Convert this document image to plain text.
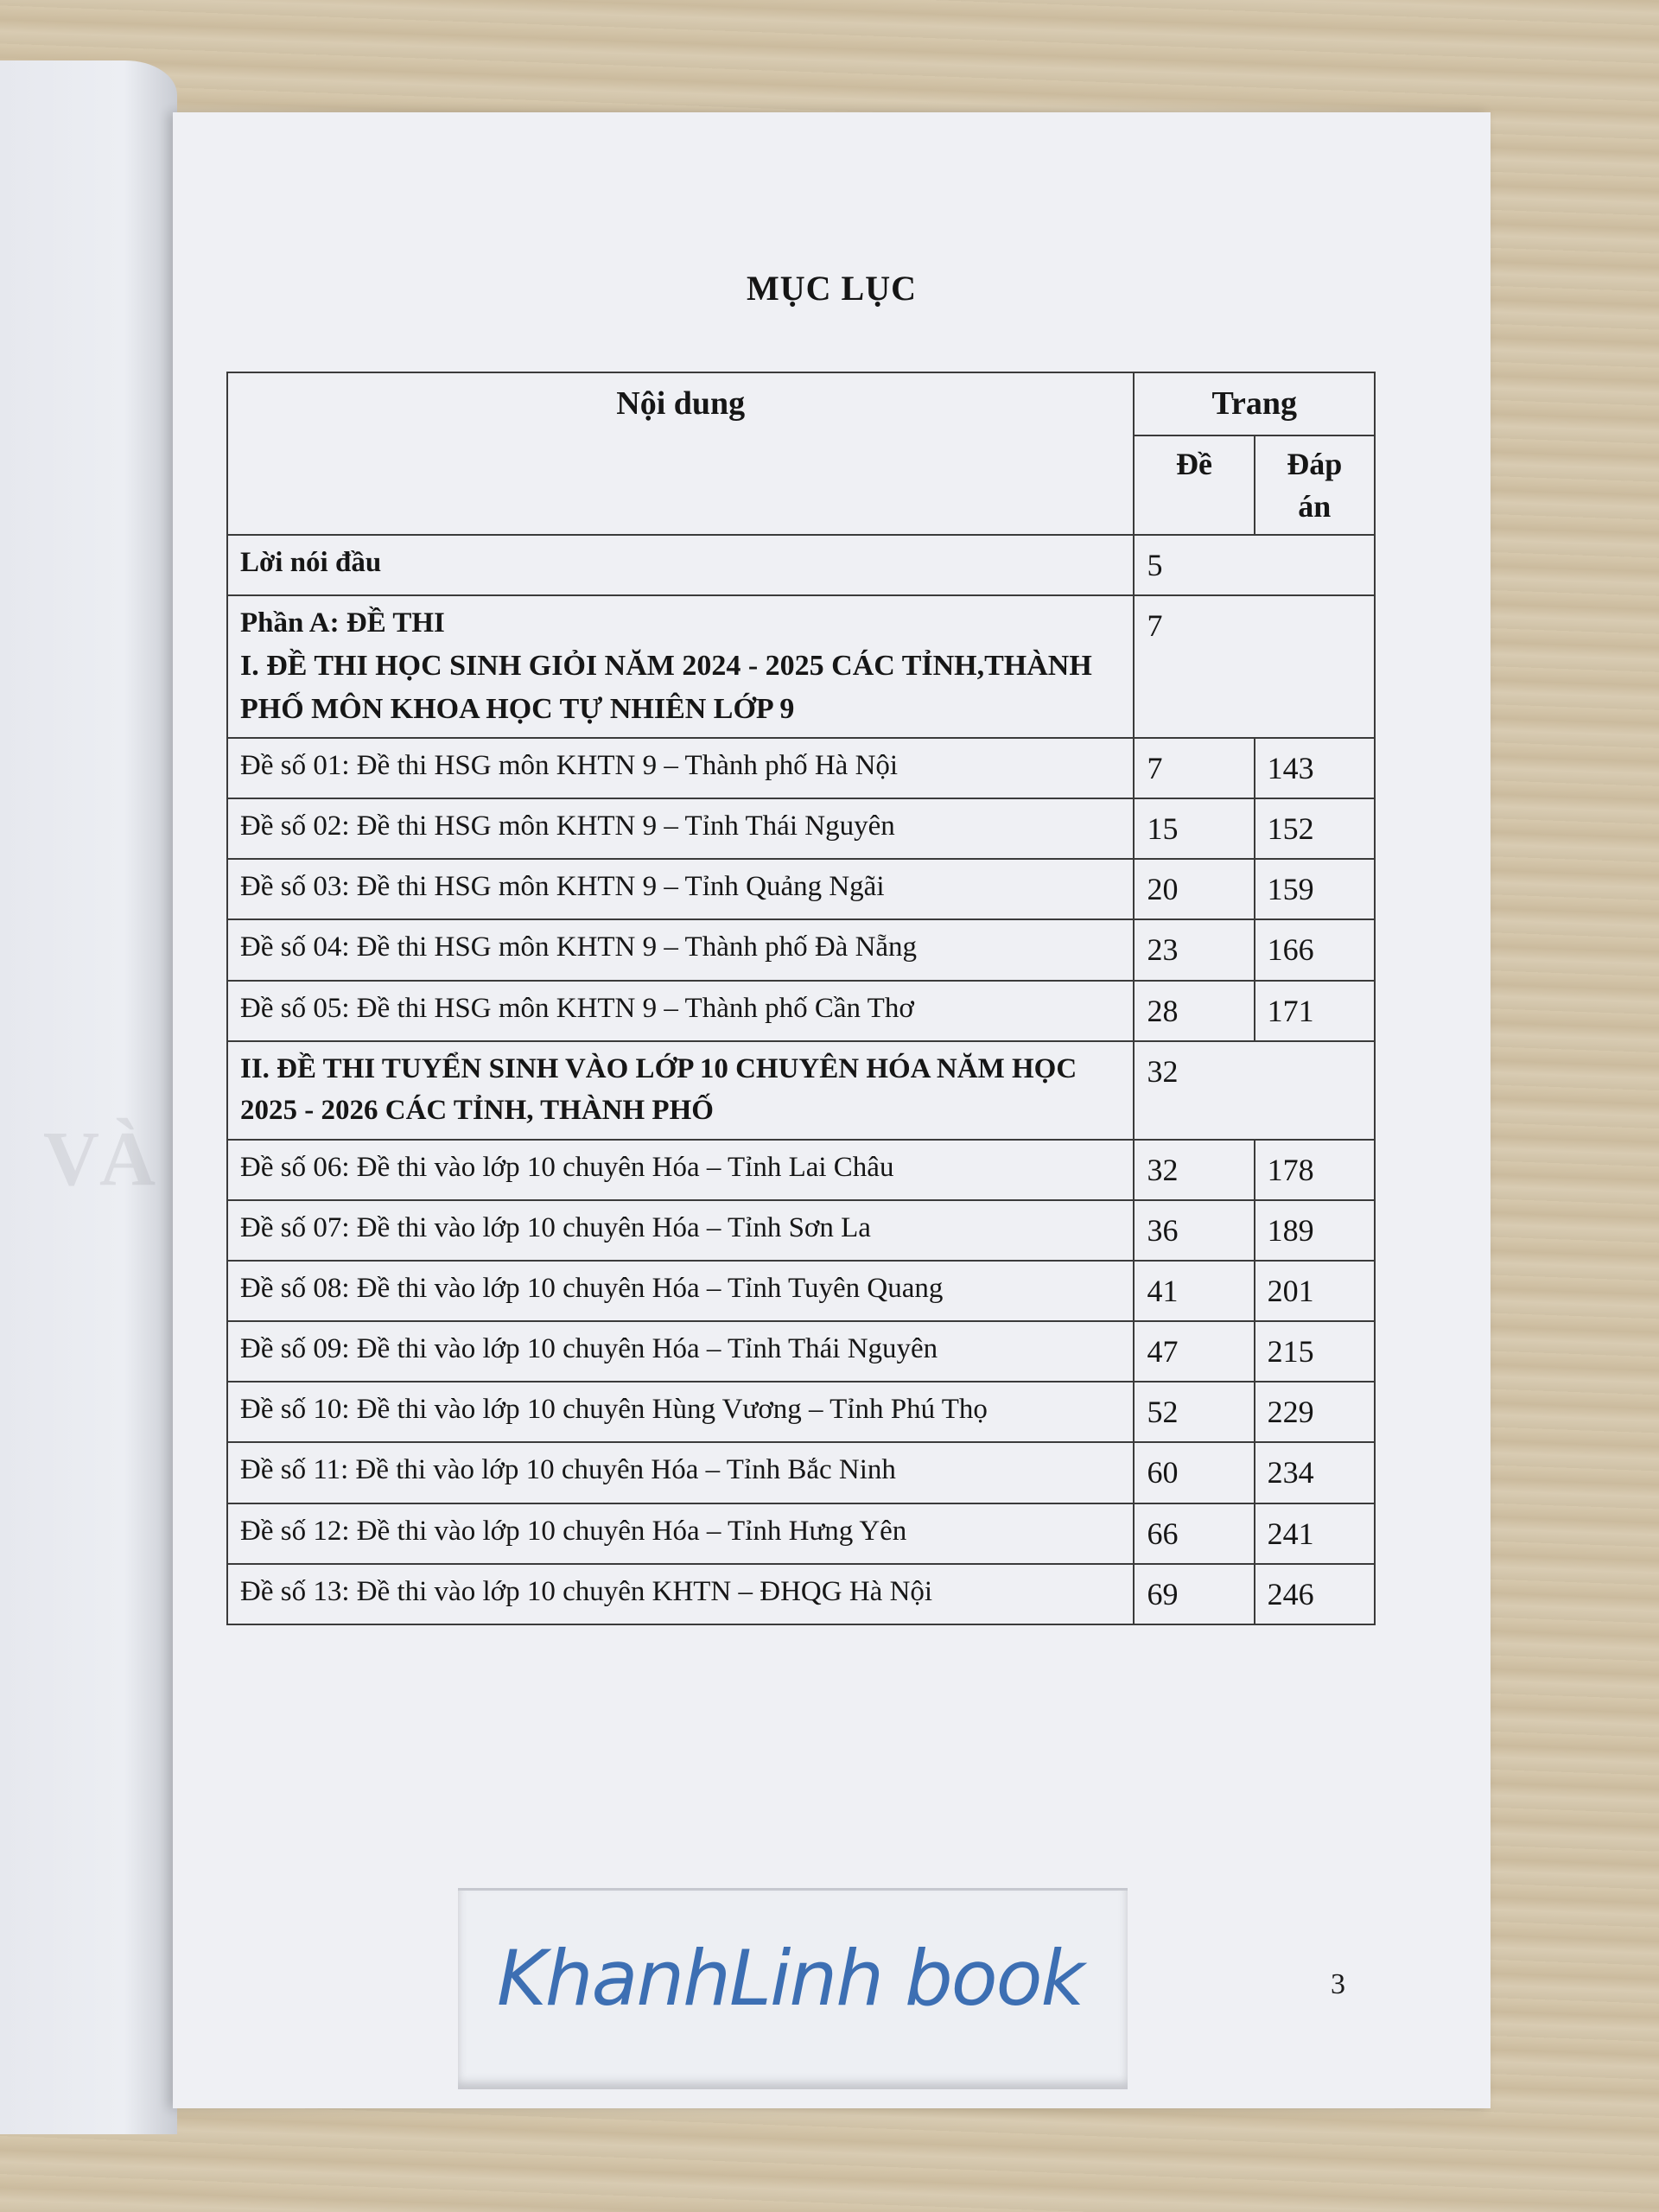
VÀ
MỤC LỤC
Nội dung	Trang	
	Đề	Đáp án
Lời nói đầu	5	

Phần A: ĐỀ THI
I. ĐỀ THI HỌC SINH GIỎI NĂM 2024 - 2025 CÁC TỈNH,THÀNH PHỐ MÔN KHOA HỌC TỰ NHIÊN LỚP 9	7	
Đề số 01: Đề thi HSG môn KHTN 9 – Thành phố Hà Nội	7	143
Đề số 02: Đề thi HSG môn KHTN 9 – Tỉnh Thái Nguyên	15	152
Đề số 03: Đề thi HSG môn KHTN 9 – Tỉnh Quảng Ngãi	20	159
Đề số 04: Đề thi HSG môn KHTN 9 – Thành phố Đà Nẵng	23	166
Đề số 05: Đề thi HSG môn KHTN 9 – Thành phố Cần Thơ	28	171
II. ĐỀ THI TUYỂN SINH VÀO LỚP 10 CHUYÊN HÓA NĂM HỌC 2025 - 2026 CÁC TỈNH, THÀNH PHỐ	32	
Đề số 06: Đề thi vào lớp 10 chuyên Hóa – Tỉnh Lai Châu	32	178
Đề số 07: Đề thi vào lớp 10 chuyên Hóa – Tỉnh Sơn La	36	189
Đề số 08: Đề thi vào lớp 10 chuyên Hóa – Tỉnh Tuyên Quang	41	201
Đề số 09: Đề thi vào lớp 10 chuyên Hóa – Tỉnh Thái Nguyên	47	215
Đề số 10: Đề thi vào lớp 10 chuyên Hùng Vương – Tỉnh Phú Thọ	52	229
Đề số 11: Đề thi vào lớp 10 chuyên Hóa – Tỉnh Bắc Ninh	60	234
Đề số 12: Đề thi vào lớp 10 chuyên Hóa – Tỉnh Hưng Yên	66	241
Đề số 13: Đề thi vào lớp 10 chuyên KHTN – ĐHQG Hà Nội	69	246
KhanhLinh book	3
